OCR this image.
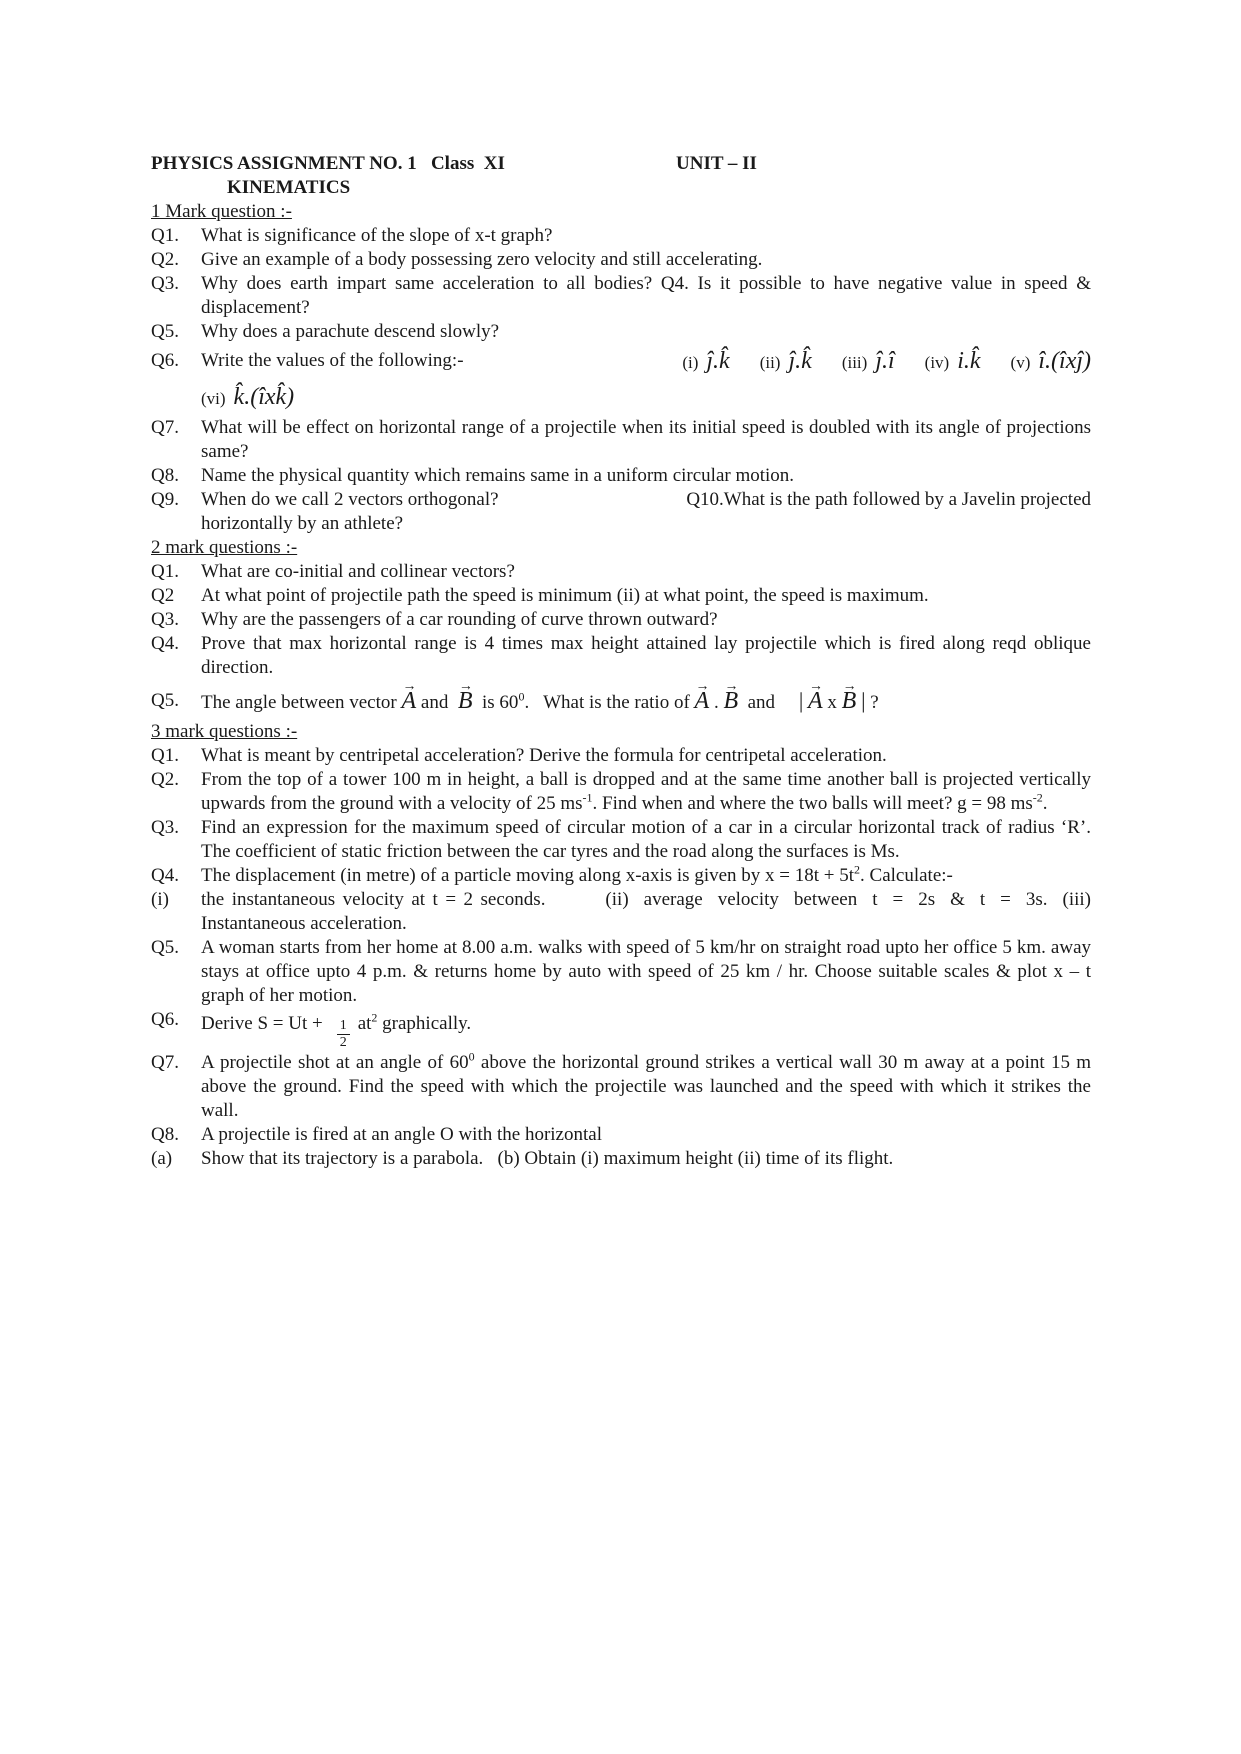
PHYSICS ASSIGNMENT NO. 1   Class  XI	UNIT – II
KINEMATICS
1 Mark question :-
Q1.	What is significance of the slope of x-t graph?
Q2.	Give an example of a body possessing zero velocity and still accelerating.
Q3.	Why does earth impart same acceleration to all bodies? Q4. Is it possible to have negative value in speed & displacement?
Q5.	Why does a parachute descend slowly?
Q6.	Write the values of the following:-	(i) ĵ.k̂ (ii) ĵ.k̂ (iii) ĵ.î (iv) i.k̂ (v) î.(îxĵ)
(vi) k̂.(îxk̂)
Q7.	What will be effect on horizontal range of a projectile when its initial speed is doubled with its angle of projections same?
Q8.	Name the physical quantity which remains same in a uniform circular motion.
Q9.	When do we call 2 vectors orthogonal?	Q10.What is the path followed by a Javelin projected
horizontally by an athlete?
2 mark questions :-
Q1.	What are co-initial and collinear vectors?
Q2	At what point of projectile path the speed is minimum (ii) at what point, the speed is maximum.
Q3.	Why are the passengers of a car rounding of curve thrown outward?
Q4.	Prove that max horizontal range is 4 times max height attained lay projectile which is fired along reqd oblique direction.
Q5.	The angle between vector → A and → B is $60^0$.   What is the ratio of → A . → B and | → A x → B | ?
3 mark questions :-
Q1.	What is meant by centripetal acceleration? Derive the formula for centripetal acceleration.
Q2.	From the top of a tower 100 m in height, a ball is dropped and at the same time another ball is projected vertically upwards from the ground with a velocity of 25 $ms^{-1}$. Find when and where the two balls will meet? g = 98 $ms^{-2}$.
Q3.	Find an expression for the maximum speed of circular motion of a car in a circular horizontal track of radius ‘R’. The coefficient of static friction between the car tyres and the road along the surfaces is Ms.
Q4.	The displacement (in metre) of a particle moving along x-axis is given by $x = 18t + 5t^2$. Calculate:-
(i)	the instantaneous velocity at t = 2 seconds.        (ii)  average  velocity  between  t  =  2s  &  t  =  3s.  (iii) Instantaneous acceleration.
Q5.	A woman starts from her home at 8.00 a.m. walks with speed of 5 km/hr on straight road upto her office 5 km. away stays at office upto 4 p.m. & returns home by auto with speed of 25 km / hr. Choose suitable scales & plot x – t graph of her motion.
Q6.	Derive $S = Ut + \frac{1}{2} at^2$ graphically.
Q7.	A projectile shot at an angle of $60^0$ above the horizontal ground strikes a vertical wall 30 m away at a point 15 m above the ground. Find the speed with which the projectile was launched and the speed with which it strikes the wall.
Q8.	A projectile is fired at an angle O with the horizontal
(a)	Show that its trajectory is a parabola.   (b) Obtain (i) maximum height (ii) time of its flight.
